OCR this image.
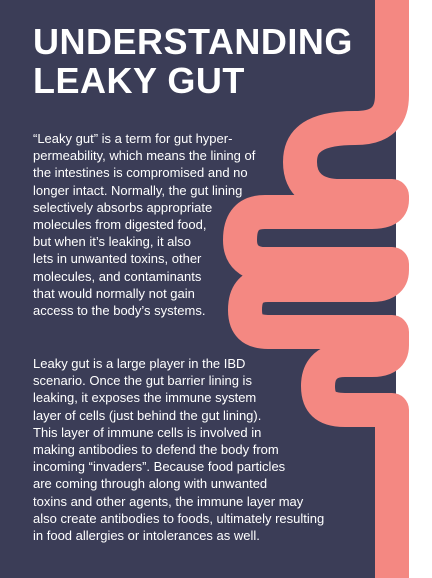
UNDERSTANDING
LEAKY GUT

“Leaky gut” is a term for gut hyper-
permeability, which means the lining of
the intestines is compromised and no
longer intact. Normally, the gut lining
selectively absorbs appropriate
molecules from digested food,
but when it’s leaking, it also
lets in unwanted toxins, other
molecules, and contaminants
that would normally not gain
access to the body’s systems.

Leaky gut is a large player in the IBD
scenario. Once the gut barrier lining is
leaking, it exposes the immune system
layer of cells (just behind the gut lining).
This layer of immune cells is involved in
making antibodies to defend the body from
incoming “invaders”. Because food particles
are coming through along with unwanted
toxins and other agents, the immune layer may
also create antibodies to foods, ultimately resulting
in food allergies or intolerances as well.
